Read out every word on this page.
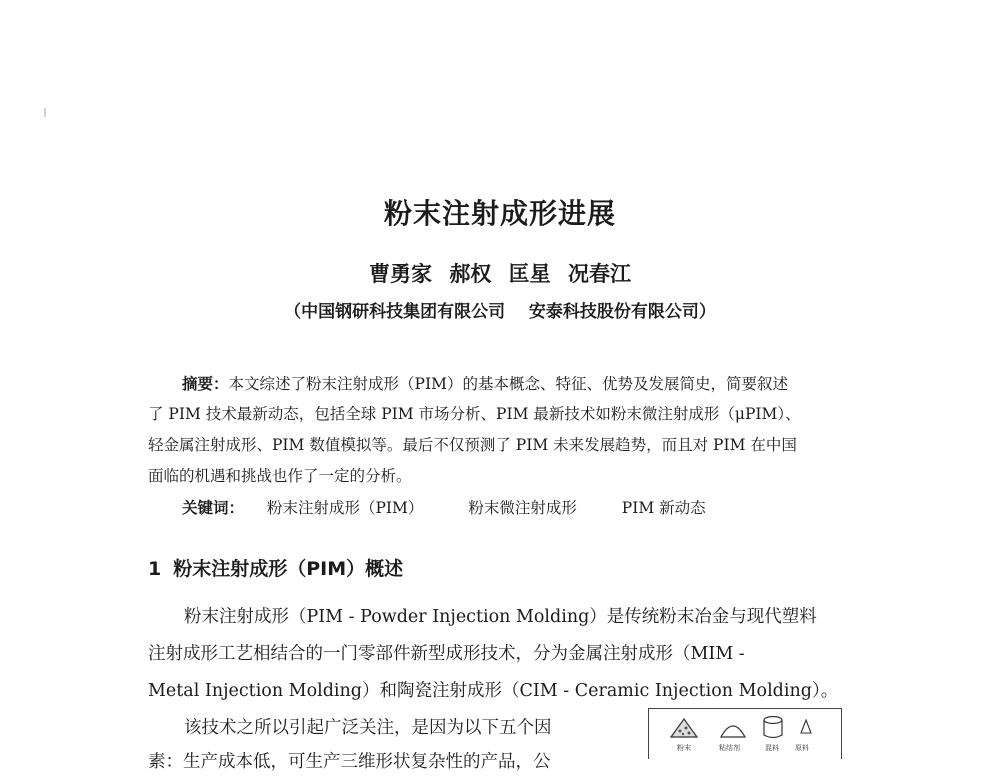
粉末注射成形进展
曹勇家 郝权 匡星 况春江
（中国钢研科技集团有限公司    安泰科技股份有限公司）
摘要：本文综述了粉末注射成形（PIM）的基本概念、特征、优势及发展简史，简要叙述
了 PIM 技术最新动态，包括全球 PIM 市场分析、PIM 最新技术如粉末微注射成形（μPIM）、
轻金属注射成形、PIM 数值模拟等。最后不仅预测了 PIM 未来发展趋势，而且对 PIM 在中国
面临的机遇和挑战也作了一定的分析。
关键词： 粉末注射成形（PIM）	粉末微注射成形	PIM 新动态
1 粉末注射成形（PIM）概述
粉末注射成形（PIM - Powder Injection Molding）是传统粉末冶金与现代塑料
注射成形工艺相结合的一门零部件新型成形技术，分为金属注射成形（MIM -
Metal Injection Molding）和陶瓷注射成形（CIM - Ceramic Injection Molding）。
该技术之所以引起广泛关注，是因为以下五个因
素：生产成本低，可生产三维形状复杂性的产品，公
粉末	粘结剂	混料 原料
